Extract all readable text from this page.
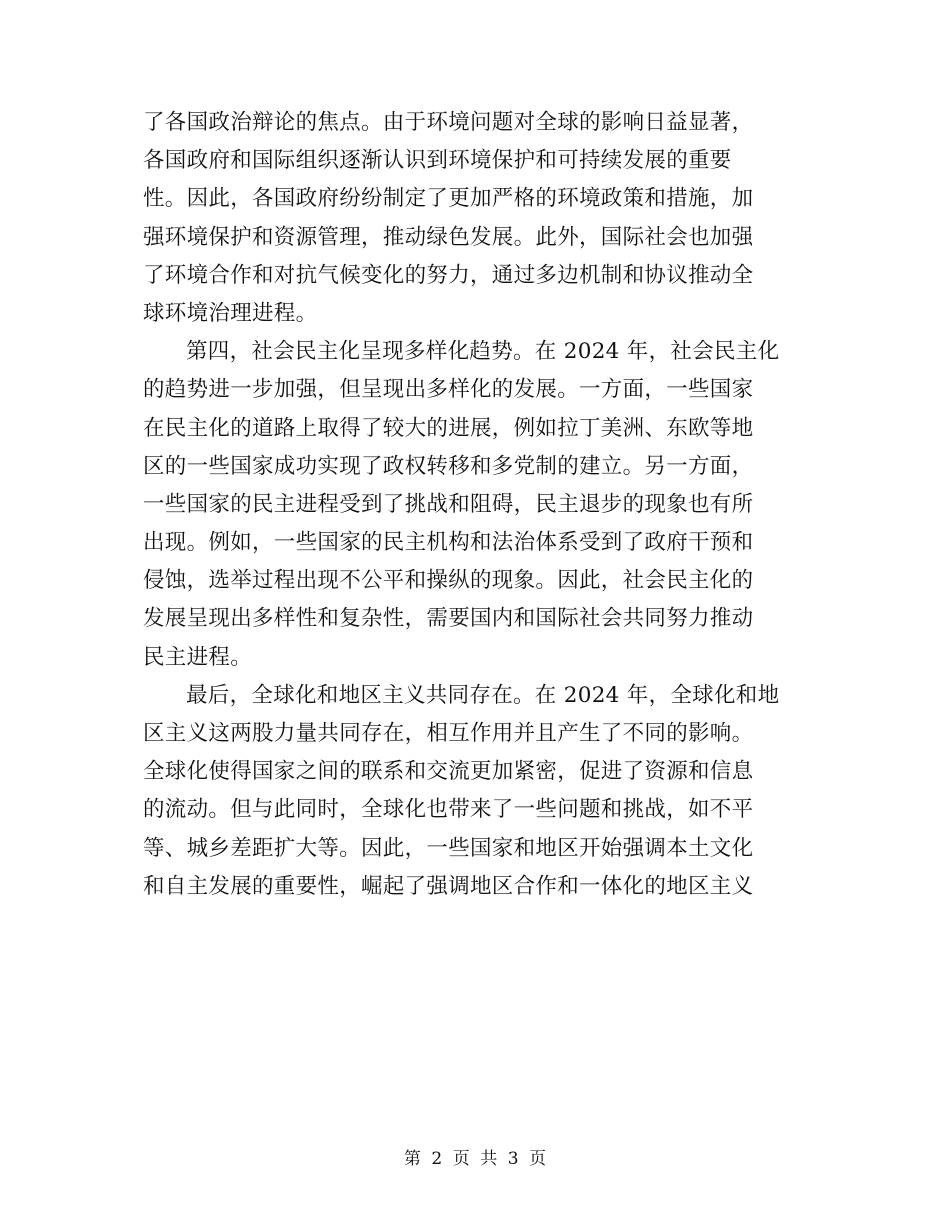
了各国政治辩论的焦点。由于环境问题对全球的影响日益显著，
各国政府和国际组织逐渐认识到环境保护和可持续发展的重要
性。因此，各国政府纷纷制定了更加严格的环境政策和措施，加
强环境保护和资源管理，推动绿色发展。此外，国际社会也加强
了环境合作和对抗气候变化的努力，通过多边机制和协议推动全
球环境治理进程。
第四，社会民主化呈现多样化趋势。在 2024 年，社会民主化
的趋势进一步加强，但呈现出多样化的发展。一方面，一些国家
在民主化的道路上取得了较大的进展，例如拉丁美洲、东欧等地
区的一些国家成功实现了政权转移和多党制的建立。另一方面，
一些国家的民主进程受到了挑战和阻碍，民主退步的现象也有所
出现。例如，一些国家的民主机构和法治体系受到了政府干预和
侵蚀，选举过程出现不公平和操纵的现象。因此，社会民主化的
发展呈现出多样性和复杂性，需要国内和国际社会共同努力推动
民主进程。
最后，全球化和地区主义共同存在。在 2024 年，全球化和地
区主义这两股力量共同存在，相互作用并且产生了不同的影响。
全球化使得国家之间的联系和交流更加紧密，促进了资源和信息
的流动。但与此同时，全球化也带来了一些问题和挑战，如不平
等、城乡差距扩大等。因此，一些国家和地区开始强调本土文化
和自主发展的重要性，崛起了强调地区合作和一体化的地区主义
第 2 页 共 3 页
